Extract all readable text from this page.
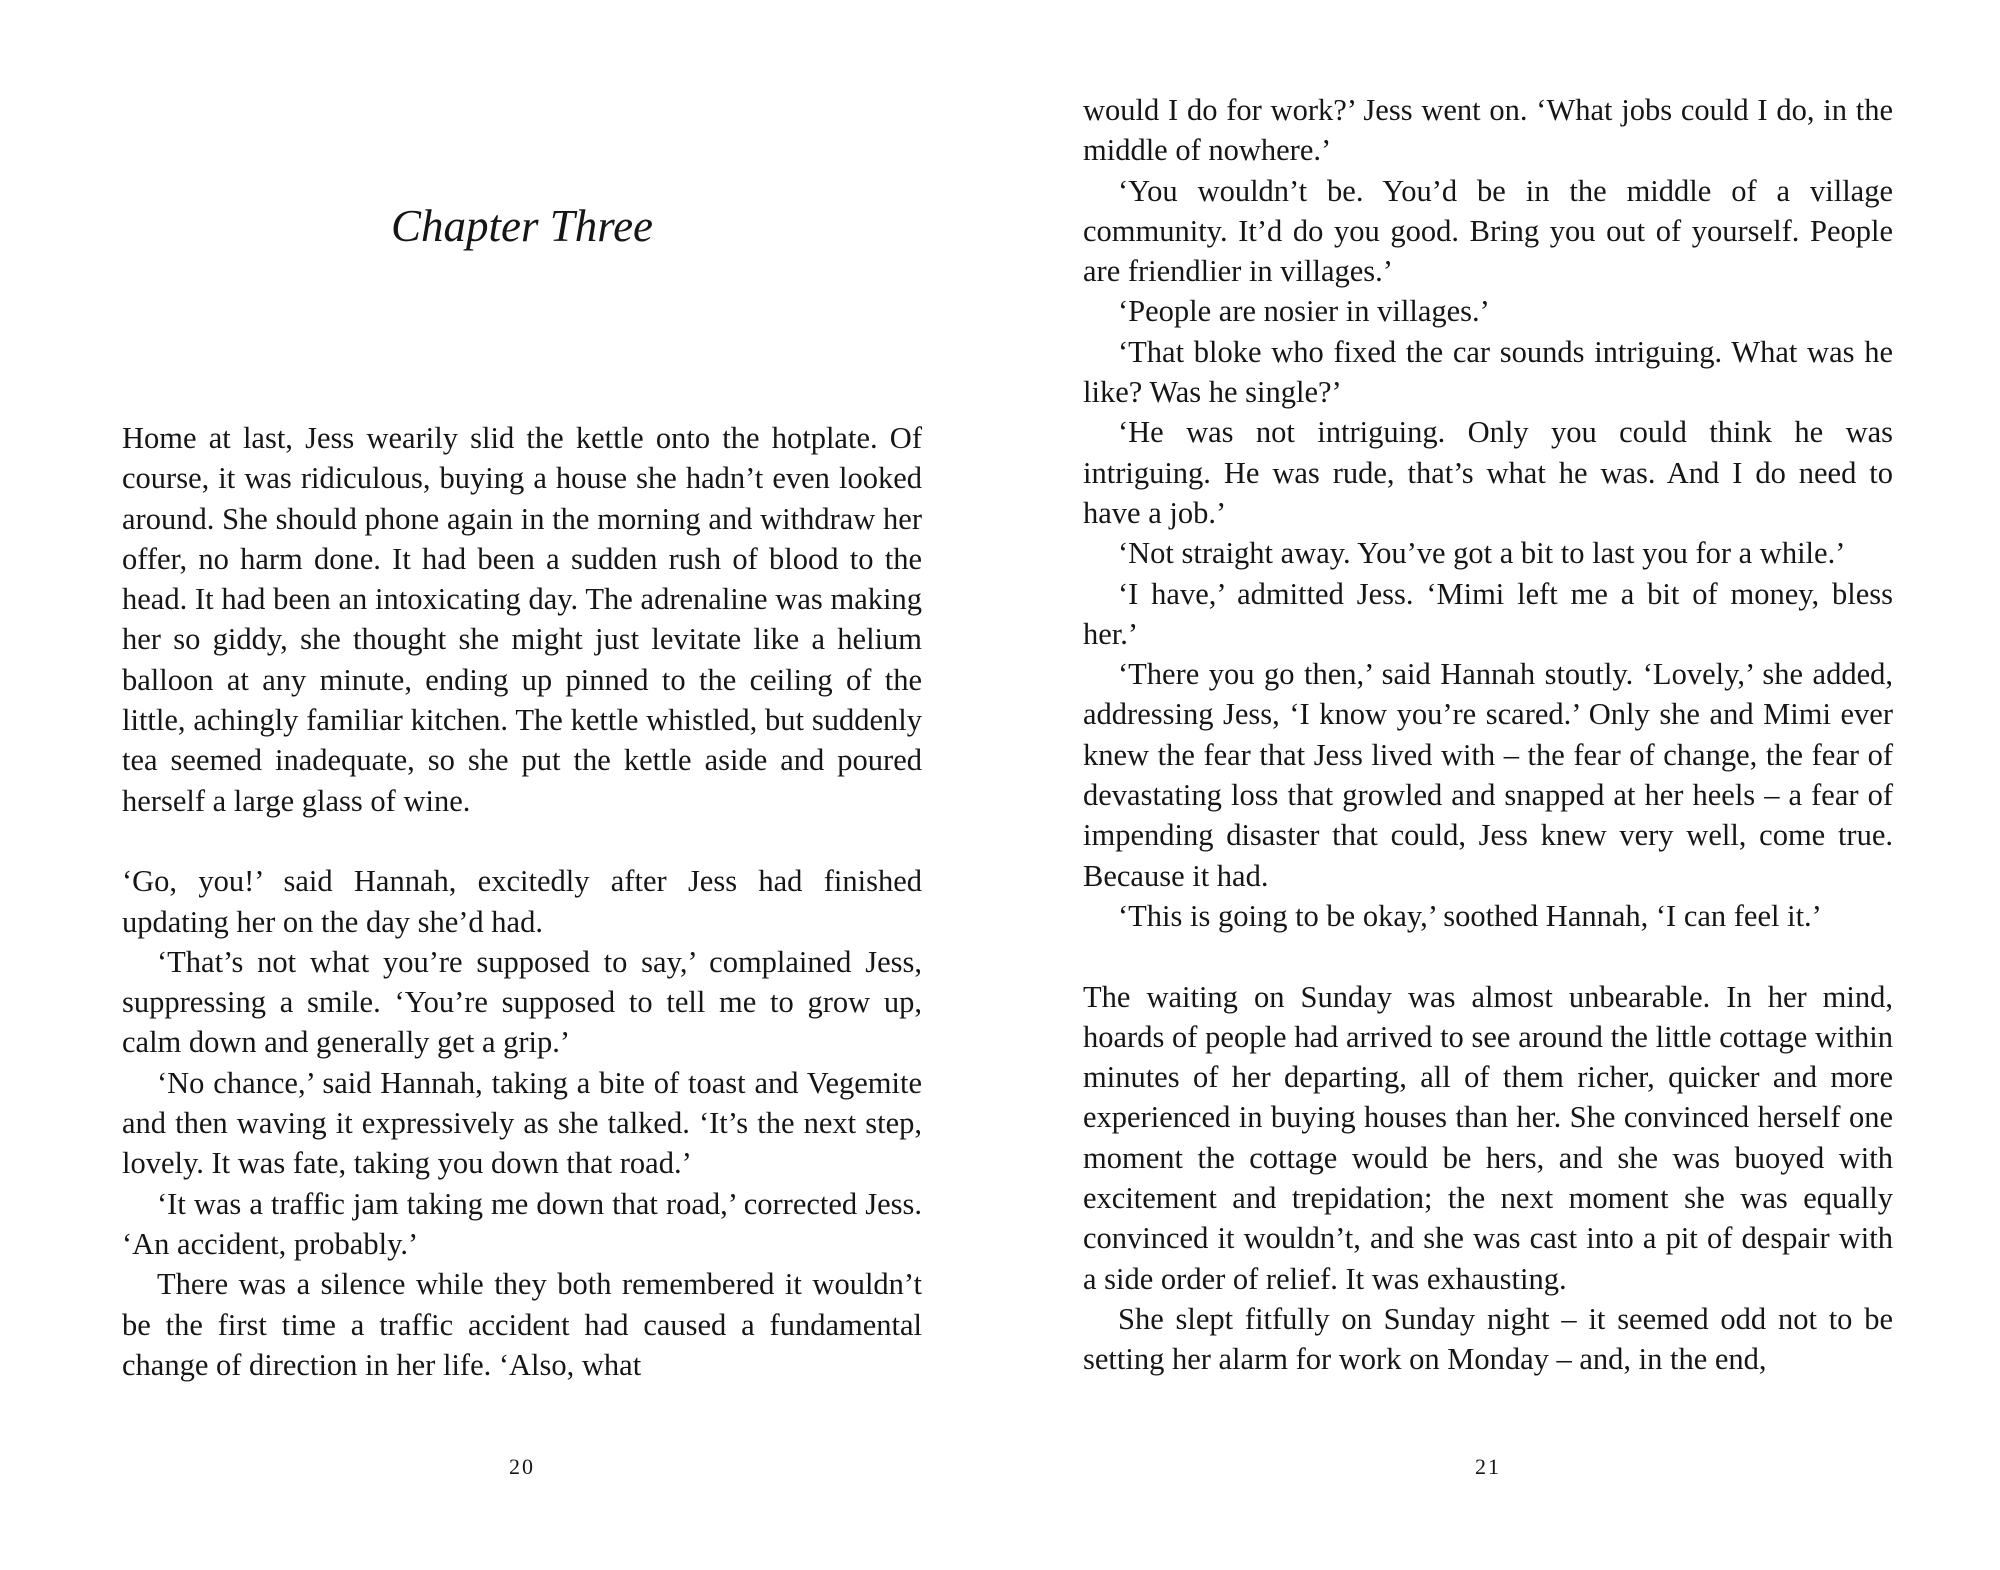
Chapter Three

Home at last, Jess wearily slid the kettle onto the hotplate. Of course, it was ridiculous, buying a house she hadn’t even looked around. She should phone again in the morning and withdraw her offer, no harm done. It had been a sudden rush of blood to the head. It had been an intoxicating day. The adrenaline was making her so giddy, she thought she might just levitate like a helium balloon at any minute, ending up pinned to the ceiling of the little, achingly familiar kitchen. The kettle whistled, but suddenly tea seemed inadequate, so she put the kettle aside and poured herself a large glass of wine.

‘Go, you!’ said Hannah, excitedly after Jess had finished updating her on the day she’d had.

‘That’s not what you’re supposed to say,’ complained Jess, suppressing a smile. ‘You’re supposed to tell me to grow up, calm down and generally get a grip.’

‘No chance,’ said Hannah, taking a bite of toast and Vegemite and then waving it expressively as she talked. ‘It’s the next step, lovely. It was fate, taking you down that road.’

‘It was a traffic jam taking me down that road,’ corrected Jess. ‘An accident, probably.’

There was a silence while they both remembered it wouldn’t be the first time a traffic accident had caused a fundamental change of direction in her life. ‘Also, what

20

would I do for work?’ Jess went on. ‘What jobs could I do, in the middle of nowhere.’

‘You wouldn’t be. You’d be in the middle of a village community. It’d do you good. Bring you out of yourself. People are friendlier in villages.’

‘People are nosier in villages.’

‘That bloke who fixed the car sounds intriguing. What was he like? Was he single?’

‘He was not intriguing. Only you could think he was intriguing. He was rude, that’s what he was. And I do need to have a job.’

‘Not straight away. You’ve got a bit to last you for a while.’

‘I have,’ admitted Jess. ‘Mimi left me a bit of money, bless her.’

‘There you go then,’ said Hannah stoutly. ‘Lovely,’ she added, addressing Jess, ‘I know you’re scared.’ Only she and Mimi ever knew the fear that Jess lived with – the fear of change, the fear of devastating loss that growled and snapped at her heels – a fear of impending disaster that could, Jess knew very well, come true. Because it had.

‘This is going to be okay,’ soothed Hannah, ‘I can feel it.’

The waiting on Sunday was almost unbearable. In her mind, hoards of people had arrived to see around the little cottage within minutes of her departing, all of them richer, quicker and more experienced in buying houses than her. She convinced herself one moment the cottage would be hers, and she was buoyed with excitement and trepidation; the next moment she was equally convinced it wouldn’t, and she was cast into a pit of despair with a side order of relief. It was exhausting.

She slept fitfully on Sunday night – it seemed odd not to be setting her alarm for work on Monday – and, in the end,

21
